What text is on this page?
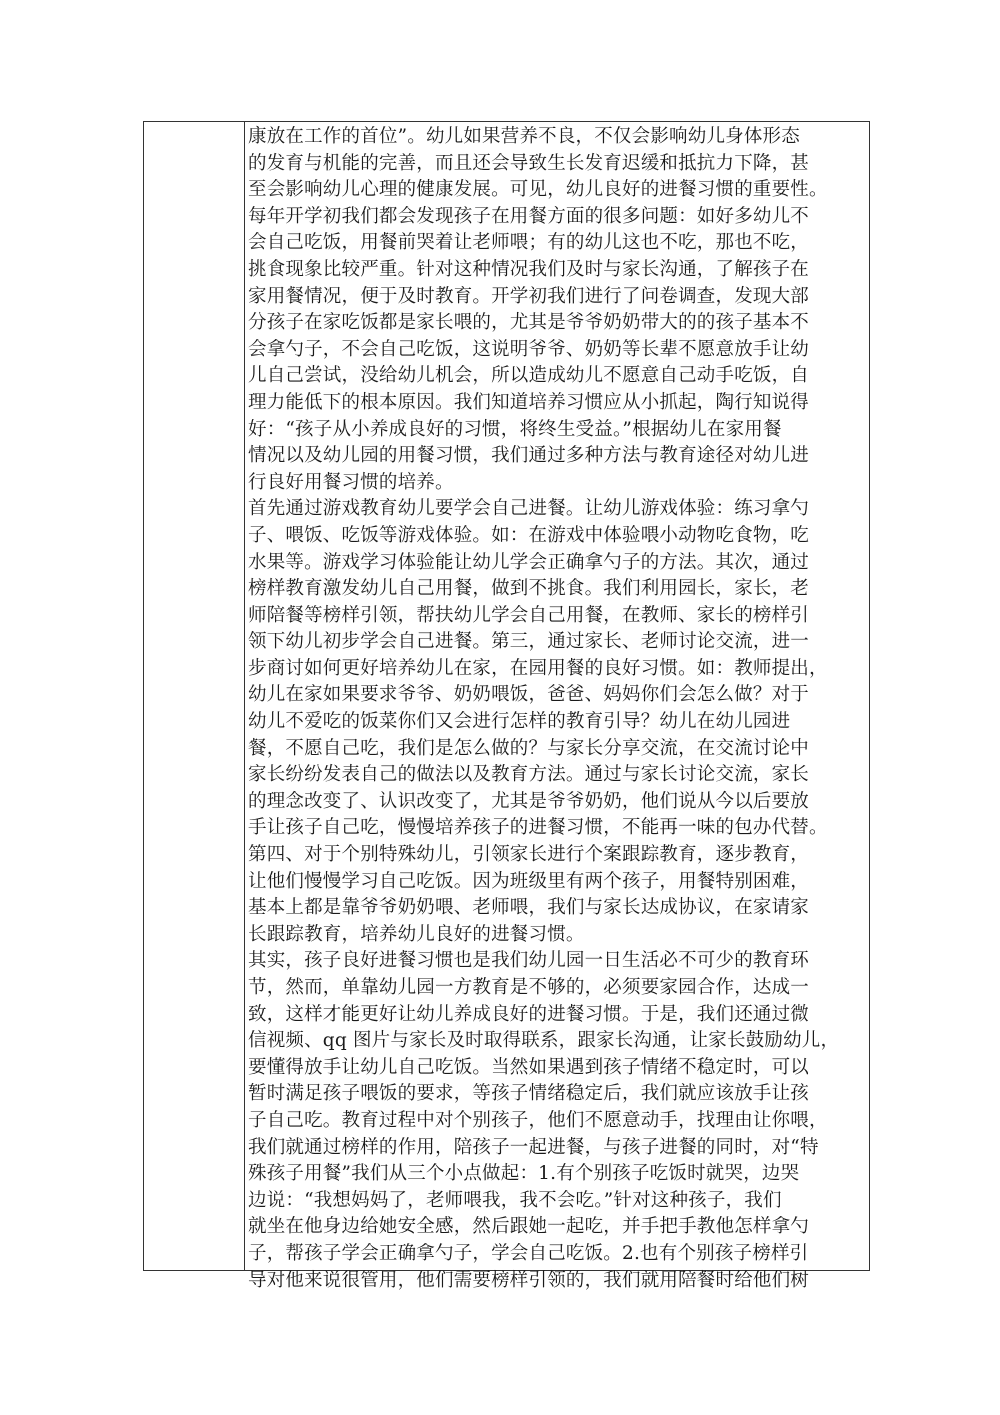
康放在工作的首位”。幼儿如果营养不良，不仅会影响幼儿身体形态
的发育与机能的完善，而且还会导致生长发育迟缓和抵抗力下降，甚
至会影响幼儿心理的健康发展。可见，幼儿良好的进餐习惯的重要性。
每年开学初我们都会发现孩子在用餐方面的很多问题：如好多幼儿不
会自己吃饭，用餐前哭着让老师喂；有的幼儿这也不吃，那也不吃，
挑食现象比较严重。针对这种情况我们及时与家长沟通，了解孩子在
家用餐情况，便于及时教育。开学初我们进行了问卷调查，发现大部
分孩子在家吃饭都是家长喂的，尤其是爷爷奶奶带大的的孩子基本不
会拿勺子，不会自己吃饭，这说明爷爷、奶奶等长辈不愿意放手让幼
儿自己尝试，没给幼儿机会，所以造成幼儿不愿意自己动手吃饭，自
理力能低下的根本原因。我们知道培养习惯应从小抓起，陶行知说得
好：“孩子从小养成良好的习惯，将终生受益。”根据幼儿在家用餐
情况以及幼儿园的用餐习惯，我们通过多种方法与教育途径对幼儿进
行良好用餐习惯的培养。
首先通过游戏教育幼儿要学会自己进餐。让幼儿游戏体验：练习拿勺
子、喂饭、吃饭等游戏体验。如：在游戏中体验喂小动物吃食物，吃
水果等。游戏学习体验能让幼儿学会正确拿勺子的方法。其次，通过
榜样教育激发幼儿自己用餐，做到不挑食。我们利用园长，家长，老
师陪餐等榜样引领，帮扶幼儿学会自己用餐，在教师、家长的榜样引
领下幼儿初步学会自己进餐。第三，通过家长、老师讨论交流，进一
步商讨如何更好培养幼儿在家，在园用餐的良好习惯。如：教师提出，
幼儿在家如果要求爷爷、奶奶喂饭，爸爸、妈妈你们会怎么做？对于
幼儿不爱吃的饭菜你们又会进行怎样的教育引导？幼儿在幼儿园进
餐，不愿自己吃，我们是怎么做的？与家长分享交流，在交流讨论中
家长纷纷发表自己的做法以及教育方法。通过与家长讨论交流，家长
的理念改变了、认识改变了，尤其是爷爷奶奶，他们说从今以后要放
手让孩子自己吃，慢慢培养孩子的进餐习惯，不能再一味的包办代替。
第四、对于个别特殊幼儿，引领家长进行个案跟踪教育，逐步教育，
让他们慢慢学习自己吃饭。因为班级里有两个孩子，用餐特别困难，
基本上都是靠爷爷奶奶喂、老师喂，我们与家长达成协议，在家请家
长跟踪教育，培养幼儿良好的进餐习惯。
其实，孩子良好进餐习惯也是我们幼儿园一日生活必不可少的教育环
节，然而，单靠幼儿园一方教育是不够的，必须要家园合作，达成一
致，这样才能更好让幼儿养成良好的进餐习惯。于是，我们还通过微
信视频、qq 图片与家长及时取得联系，跟家长沟通，让家长鼓励幼儿，
要懂得放手让幼儿自己吃饭。当然如果遇到孩子情绪不稳定时，可以
暂时满足孩子喂饭的要求，等孩子情绪稳定后，我们就应该放手让孩
子自己吃。教育过程中对个别孩子，他们不愿意动手，找理由让你喂，
我们就通过榜样的作用，陪孩子一起进餐，与孩子进餐的同时，对“特
殊孩子用餐”我们从三个小点做起：1.有个别孩子吃饭时就哭，边哭
边说：“我想妈妈了，老师喂我，我不会吃。”针对这种孩子，我们
就坐在他身边给她安全感，然后跟她一起吃，并手把手教他怎样拿勺
子，帮孩子学会正确拿勺子，学会自己吃饭。2.也有个别孩子榜样引
导对他来说很管用，他们需要榜样引领的，我们就用陪餐时给他们树
